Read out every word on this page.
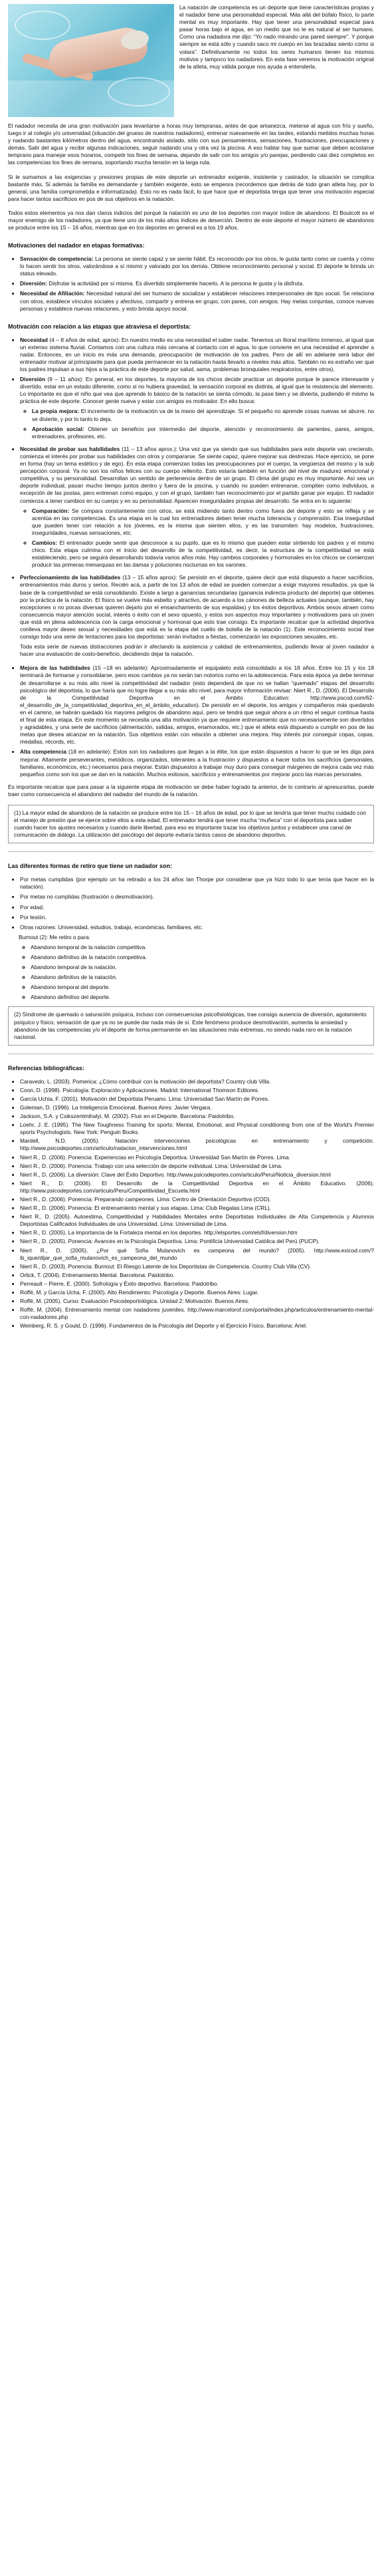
La natación de competencia es un deporte que tiene características propias y el nadador tiene una personalidad especial. Más allá del búfalo físico, lo parte mental es muy importante. Hay que tener una personalidad especial para pasar horas bajo el agua, en un medio que no le es natural al ser humano. Como una nadadora me dijo: “Yo nado mirando una pared siempre”. Y porque siempre se está sólo y cuando saco mi cuerpo en las brazadas siento como si volara”. Definitivamente no todos los seres humanos tienen los mismos motivos y tampoco los nadadores. En esta fase veremos la motivación original de la atleta, muy válida porque nos ayuda a entenderla.

El nadador necesita de una gran motivación para levantarse a horas muy tempranas, antes de que amanezca, meterse al agua con frío y sueño, luego ir al colegio y/o universidad (situación del grueso de nuestros nadadores), entrenar nuevamente en las tardes, estando metidos muchas horas y nadando bastantes kilómetros dentro del agua, encontrando aislado, sólo con sus pensamientos, sensaciones, frustraciones, preocupaciones y demás. Salir del agua y recibir algunas indicaciones, seguir nadando una y otra vez la piscina. A eso hablar hay que sumar que deben acostarse temprano para manejar esos horarios, competir los fines de semana, dejando de salir con los amigos y/o parejas, perdiendo casi diez completos en las competencias los fines de semana, soportando mucha tensión en la larga ruta.

Si le sumamos a las exigencias y presiones propias de este deporte un entrenador exigente, insistente y castrador, la situación se complica bastante más. Si además la familia es demandante y también exigente, esto se empeora (recordemos que detrás de todo gran atleta hay, por lo general, una familia comprometida e informatizada). Esto no es nada fácil, lo que hace que el deportista tenga que tener una motivación especial para hacer tantos sacrificios en pos de sus objetivos en la natación.

Todos estos elementos ya nos dan claros indicios del porqué la natación es uno de los deportes con mayor índice de abandono. El Boutcott es el mayor enemigo de los nadadores, ya que tiene uno de los más altos índices de deserción. Dentro de este deporte el mayor número de abandonos se produce entre los 15 – 16 años, mientras que en los deportes en general es a los 19 años.

Motivaciones del nadador en etapas formativas:
• Sensación de competencia: La persona se siente capaz y se siente hábil. Es reconocido por los otros, le gusta tanto como se cuenta y cómo lo hacen sentir los otros, valorándose a sí mismo y valorado por los demás. Obtiene reconocimiento personal y social. El deporte le brinda un status elevado.
• Diversión: Disfrutar la actividad por sí misma. Es divertido simplemente hacerlo. A la persona le gusta y la disfruta.
• Necesidad de Afiliación: Necesidad natural del ser humano de socializar y establecer relaciones interpersonales de tipo social. Se relaciona con otros, establece vínculos sociales y afectivos, compartir y entrena en grupo, con pares, con amigos. Hay metas conjuntas, conoce nuevas personas y establece nuevas relaciones, y esto brinda apoyo social.
Motivación con relación a las etapas que atraviesa el deportista:
• Necesidad (4 – 8 años de edad, aprox): En nuestro medio es una necesidad el saber nadar. Tenemos un litoral marítimo inmenso, al igual que un extenso sistema fluvial. Contamos con una cultura más cercana al contacto con el agua, lo que convierte en una necesidad el aprender a nadar. Entonces, en un inicio es más una demanda, preocupación de motivación de los padres. Pero de allí en adelante será labor del entrenador motivar al principiante para que pueda permanecer en la natación hasta llevarlo a niveles más altos. También no es extraño ver que los padres impulsan a sus hijos a la práctica de este deporte por salud, asma, problemas bronquiales respiratorios, entre otros).
• Diversión (9 – 11 años): En general, en los deportes, la mayoría de los chicos decide practicar un deporte porque le parece interesante y divertido, estar en un estado diferente, como si no hubiera gravedad, la sensación corporal es distinta, al igual que la resistencia del elemento. Lo importante es que el niño que vea que aprende lo básico de la natación se sienta cómodo, la pase bien y se divierta, pudiendo él mismo la práctica de este deporte. Conocer gente nueva y estar con amigos es motivador. En ello busca:
◦ La propia mejora: El incremento de la motivación va de la mano del aprendizaje. Si el pequeño no aprende cosas nuevas se aburre, no se divierte, y por lo tanto lo deja.
◦ Aprobación social: Obtener un beneficio por intermedio del deporte, atención y reconocimiento de parientes, pares, amigos, entrenadores, profesores, etc.
• Necesidad de probar sus habilidades (11 – 13 años aprox.): Una vez que ya siendo que sus habilidades para este deporte van creciendo, comienza el interés por probar sus habilidades con otros y compararse. Se siente capaz, quiere mejorar sus destrezas. Hace ejercicio, se pone en forma (hay un tema estético y de ego). En esta etapa comienzan todas las preocupaciones por el cuerpo, la vergüenza del mismo y la sub percepción corporal. Ya no son los niños felices con su cuerpo relleníto. Esto estaría también en función del nivel de madurez emocional y competitiva, y su personalidad. Desarrollan un sentido de pertenencia dentro de un grupo. El clima del grupo es muy importante. Así sea un deporte individual, pasan mucho tiempo juntos dentro y fuera de la piscina, y cuando no pueden entrenarse, compiten como individuos, a excepción de las postas, pero entrenan como equipo, y con el grupo, también han reconocimiento por el partido ganar por equipo. El nadador comienza a tener cambios en su cuerpo y en su personalidad. Aparecen inseguridades propias del desarrollo. Se entra en lo siguiente:
◦ Comparación: Se compara constantemente con otros, se está midiendo tanto dentro como fuera del deporte y esto se refleja y se acentúa en las competencias. Es una etapa en la cual los entrenadores deben tener mucha tolerancia y comprensión. Esa inseguridad que pueden tener con relación a los jóvenes, es la misma que sienten ellos, y es las transmiten: hay modelos, frustraciones, inseguridades, nuevas sensaciones, etc.
◦ Cambios: El entrenador puede sentir que desconoce a su pupilo, que es lo mismo que pueden estar sintiendo los padres y el mismo chico. Esta etapa culmina con el inicio del desarrollo de la competitividad, es decir, la estructura de la competitividad se está estableciendo, pero se seguirá desarrollando todavía varios años más. Hay cambios corporales y hormonales en los chicos se comienzan producir las primeras menarquias en las damas y poluciones nocturnas en los varones.
• Perfeccionamiento de las habilidades (13 – 15 años aprox): Se persistir en el deporte, quiere decir que está dispuesto a hacer sacrificios, entrenamientos más duros y serios. Recién acá, a partir de los 13 años de edad se pueden comenzar a exigir mayores resultados, ya que la base de la competitividad se está consolidando. Existe a largo a ganancias secundarias (ganancia indirecta producto del deporte) que obtienes por la práctica de la natación. El físico se vuelve más esbelto y atractivo, de acuerdo a los cánones de belleza actuales (aunque, también, hay excepciones o no pocas diversas quieren dejarlo por el ensanchamiento de sus espaldas) y los éxitos deportivos. Ambos sexos atraen como consecuencia mayor atención social, interés o éxito con el sexo opuesto, y estos son aspectos muy importantes y motivadores para un joven que está en plena adolescencia con la carga emocional y hormonal que esto trae consigo. Es importante recalcar que la actividad deportiva conlleva mayor deseo sexual y necesidades que está es la etapa del cuello de botella de la natación (1). Este reconocimiento social trae consigo todo una serie de tentaciones para los deportistas: serán invitados a fiestas, comenzarán las exposiciones sexuales, etc.

Toda esta serie de nuevas distracciones podrán ir afectando la asistencia y calidad de entrenamientos, pudiendo llevar al joven nadador a hacer una evaluación de costo-beneficio, decidiendo dejar la natación.

• Mejora de las habilidades (15 –18 en adelante): Aproximadamente el equipaleto está consolidado a los 18 años. Entre los 15 y los 18 terminará de formarse y consolidarse, pero esos cambios ya no serán tan notorios como en la adolescencia. Para esta época ya debe terminar de desarrollarse a su más alto nivel la competitividad del nadador (esto dependerá de que no se hallan “quemado” etapas del desarrollo psicológico del deportista, lo que haría que no logre llegar a su más alto nivel, para mayor información revisar: Niert R., D. (2006). El Desarrollo de la Competitividad Deportiva en el Ámbito Educativo: http://www.pscod.com/62-el_desarrollo_de_la_competitividad_deportiva_en_el_ámbito_educativo). De persistir en el deporte, los amigos y compañeros más quedando en el camino, se habrán quedado los mayores peligros de abandono aquí, pero se tendrá que seguir ahora a un ritmo el seguir continua hasta el final de esta etapa. En este momento se necesita una alta motivación ya que requiere entrenamiento que no necesariamente son divertidos y agradables, y una serie de sacrificios (alimentación, salidas, amigos, enamorados, etc.) que el atleta está dispuesto a cumplir en pos de las metas que desea alcanzar en la natación. Sus objetivos están con relación a obtener una mejora. Hay interés por conseguir copas, copas, medallas, récords, etc.
• Alta competencia (18 en adelante): Estos son los nadadores que llegan a la élite, los que están dispuestos a hacer lo que se les diga para mejorar. Altamente perseverantes, metódicos, organizados, tolerantes a la frustración y dispuestos a hacer todos los sacrificios (personales, familiares, económicos, etc.) necesarios para mejorar. Están dispuestos a trabajar muy duro para conseguir márgenes de mejora cada vez más pequeños como son los que se dan en la natación. Muchos exitosos, sacrificios y entrenamientos por mejorar poco las marcas personales.

Es importante recalcar que para pasar a la siguiente etapa de motivación se debe haber logrado la anterior, de lo contrario al apresurarlas, puede traer como consecuencia el abandono del nadador del mundo de la natación.

(1) La mayor edad de abandono de la natación se produce entre los 15 – 16 años de edad, por lo que se tendría que tener mucho cuidado con el manejo de presión que se ejerce sobre ellos a esta edad. El entrenador tendrá que tener mucha “muñeca” con el deportista para saber cuando hacer los ajustes necesarios y cuando darle libertad, para eso es importante trazar los objetivos juntos y establecer una canal de comunicación de diálogo. La utilización del psicólogo del deporte evitaría tantos casos de abandono deportivo.
Las diferentes formas de retiro que tiene un nadador son:
• Por metas cumplidas (por ejemplo un ha retirado a los 24 años Ian Thorpe por considerar que ya hizo todo lo que tenía que hacer en la natación).
• Por metas no cumplidas (frustración o desmotivación).
• Por edad.
• Por lesión.
• Otras razones: Universidad, estudios, trabajo, económicas, familiares, etc.
Burnout (2): Me retiro o para:
◦ Abandono temporal de la natación competitiva.
◦ Abandono definitivo de la natación competitiva.
◦ Abandono temporal de la natación.
◦ Abandono definitivo de la natación.
◦ Abandono temporal del deporte.
◦ Abandono definitivo del deporte.
(2) Síndrome de quemado o saturación psíquica, incluso con consecuencias psicofisiológicas, trae consigo ausencia de diversión, agotamiento psíquico y físico, sensación de que ya no se puede dar nada más de sí. Este fenómeno produce desmotivación, aumenta la ansiedad y abandono de las competencias y/o el deporte de forma permanente en las situaciones más extremas, no siendo nada raro en la natación nacional.
Referencias bibliográficas:
• Caravedo, L. (2003). Pomerica: ¿Cómo contribuir con la motivación del deportista? Country club Villa.
• Coon, D. (1998). Psicología: Exploración y Aplicaciones. Madrid: International Thomson Editores.
• García Uchia, F. (2001). Motivación del Deportista Peruano. Lima: Universidad San Martín de Porres.
• Goleman, D. (1996). La Inteligencia Emocional. Buenos Aires: Javier Vergara.
• Jackson, S.A. y Csikszentmihalyi, M. (2002). Fluir en el Deporte. Barcelona: Paidotribo.
• Loehr, J. E. (1995). The New Toughness Training for sports: Mental, Emotional, and Physical conditioning from one of the World's Premier sports Psychologists. New York: Penguin Books.
• Mardell, N.D. (2005). Natación: intervenciones psicológicas en entrenamiento y competición. http://www.psicodeportes.com/articulo/natacion_intervenciones.html
• Niert R., D. (2006). Ponencia: Experiencias en Psicología Deportiva. Universidad San Martín de Porres. Lima.
• Niert R., D. (2006). Ponencia: Trabajo con una selección de deporte individual. Lima: Universidad de Lima.
• Niert R., D. (2006). La diversión: Clave del Éxito Deportivo. http://www.psicodeportes.com/articulo/Perui/Noticia_diversion.html
• Niert R., D. (2006). El Desarrollo de la Competitividad Deportiva en el Ámbito Educativo. (2006). http://www.psicodeportes.com/articulo/Peru/Competitividad_Escuela.html
• Niert R., D. (2006). Ponencia: Preparando campeones. Lima: Centro de Orientación Deportiva (COD).
• Niert R., D. (2006). Ponencia: El entrenamiento mental y sus etapas. Lima: Club Regatas Lima (CRL).
• Niert R., D. (2005). Autoestima, Competitividad y Habilidades Mentales entre Deportistas Individuales de Alta Competencia y Alumnos Deportistas Calificados Individuales de una Universidad. Lima: Universidad de Lima.
• Niert R., D. (2005). La importancia de la Fortaleza mental en los deportes. http://elsportes.com/elsf/diversion.htm
• Niert R., D. (2005). Ponencia: Avances en la Psicología Deportiva. Lima: Pontificia Universidad Católica del Perú (PUCP).
• Niert R., D. (2005). ¿Por qué Sofía Mulanovich es campeona del mundo? (2005). http://www.exicod.com/?ib_ique/dijar_que_sofia_mulanovich_es_campeona_del_mundo
• Niert R., D. (2003). Ponencia: Burnout: El Riesgo Latente de los Deportistas de Competencia. Country Club Villa (CV).
• Orlick, T. (2004). Entrenamiento Mental. Barcelona: Paidotribo.
• Perreault – Pierre, E. (2000). Sofrología y Éxito deportivo. Barcelona: Paidotribo.
• Roffé, M. y García Ucha, F. (2000). Alto Rendimiento: Psicología y Deporte. Buenos Aires: Lugar.
• Roffé, M. (2005). Curso: Evaluación Psicodeportológica. Unidad 2: Motivación. Buenos Aires.
• Roffé, M. (2004). Entrenamiento mental con nadadores juveniles. http://www.marcelorof.com/portal/index.php/articulos/entrenamiento-mental-con-nadadores.php
• Weinberg, R. S. y Gould, D. (1996). Fundamentos de la Psicología del Deporte y el Ejercicio Físico. Barcelona: Ariel.
